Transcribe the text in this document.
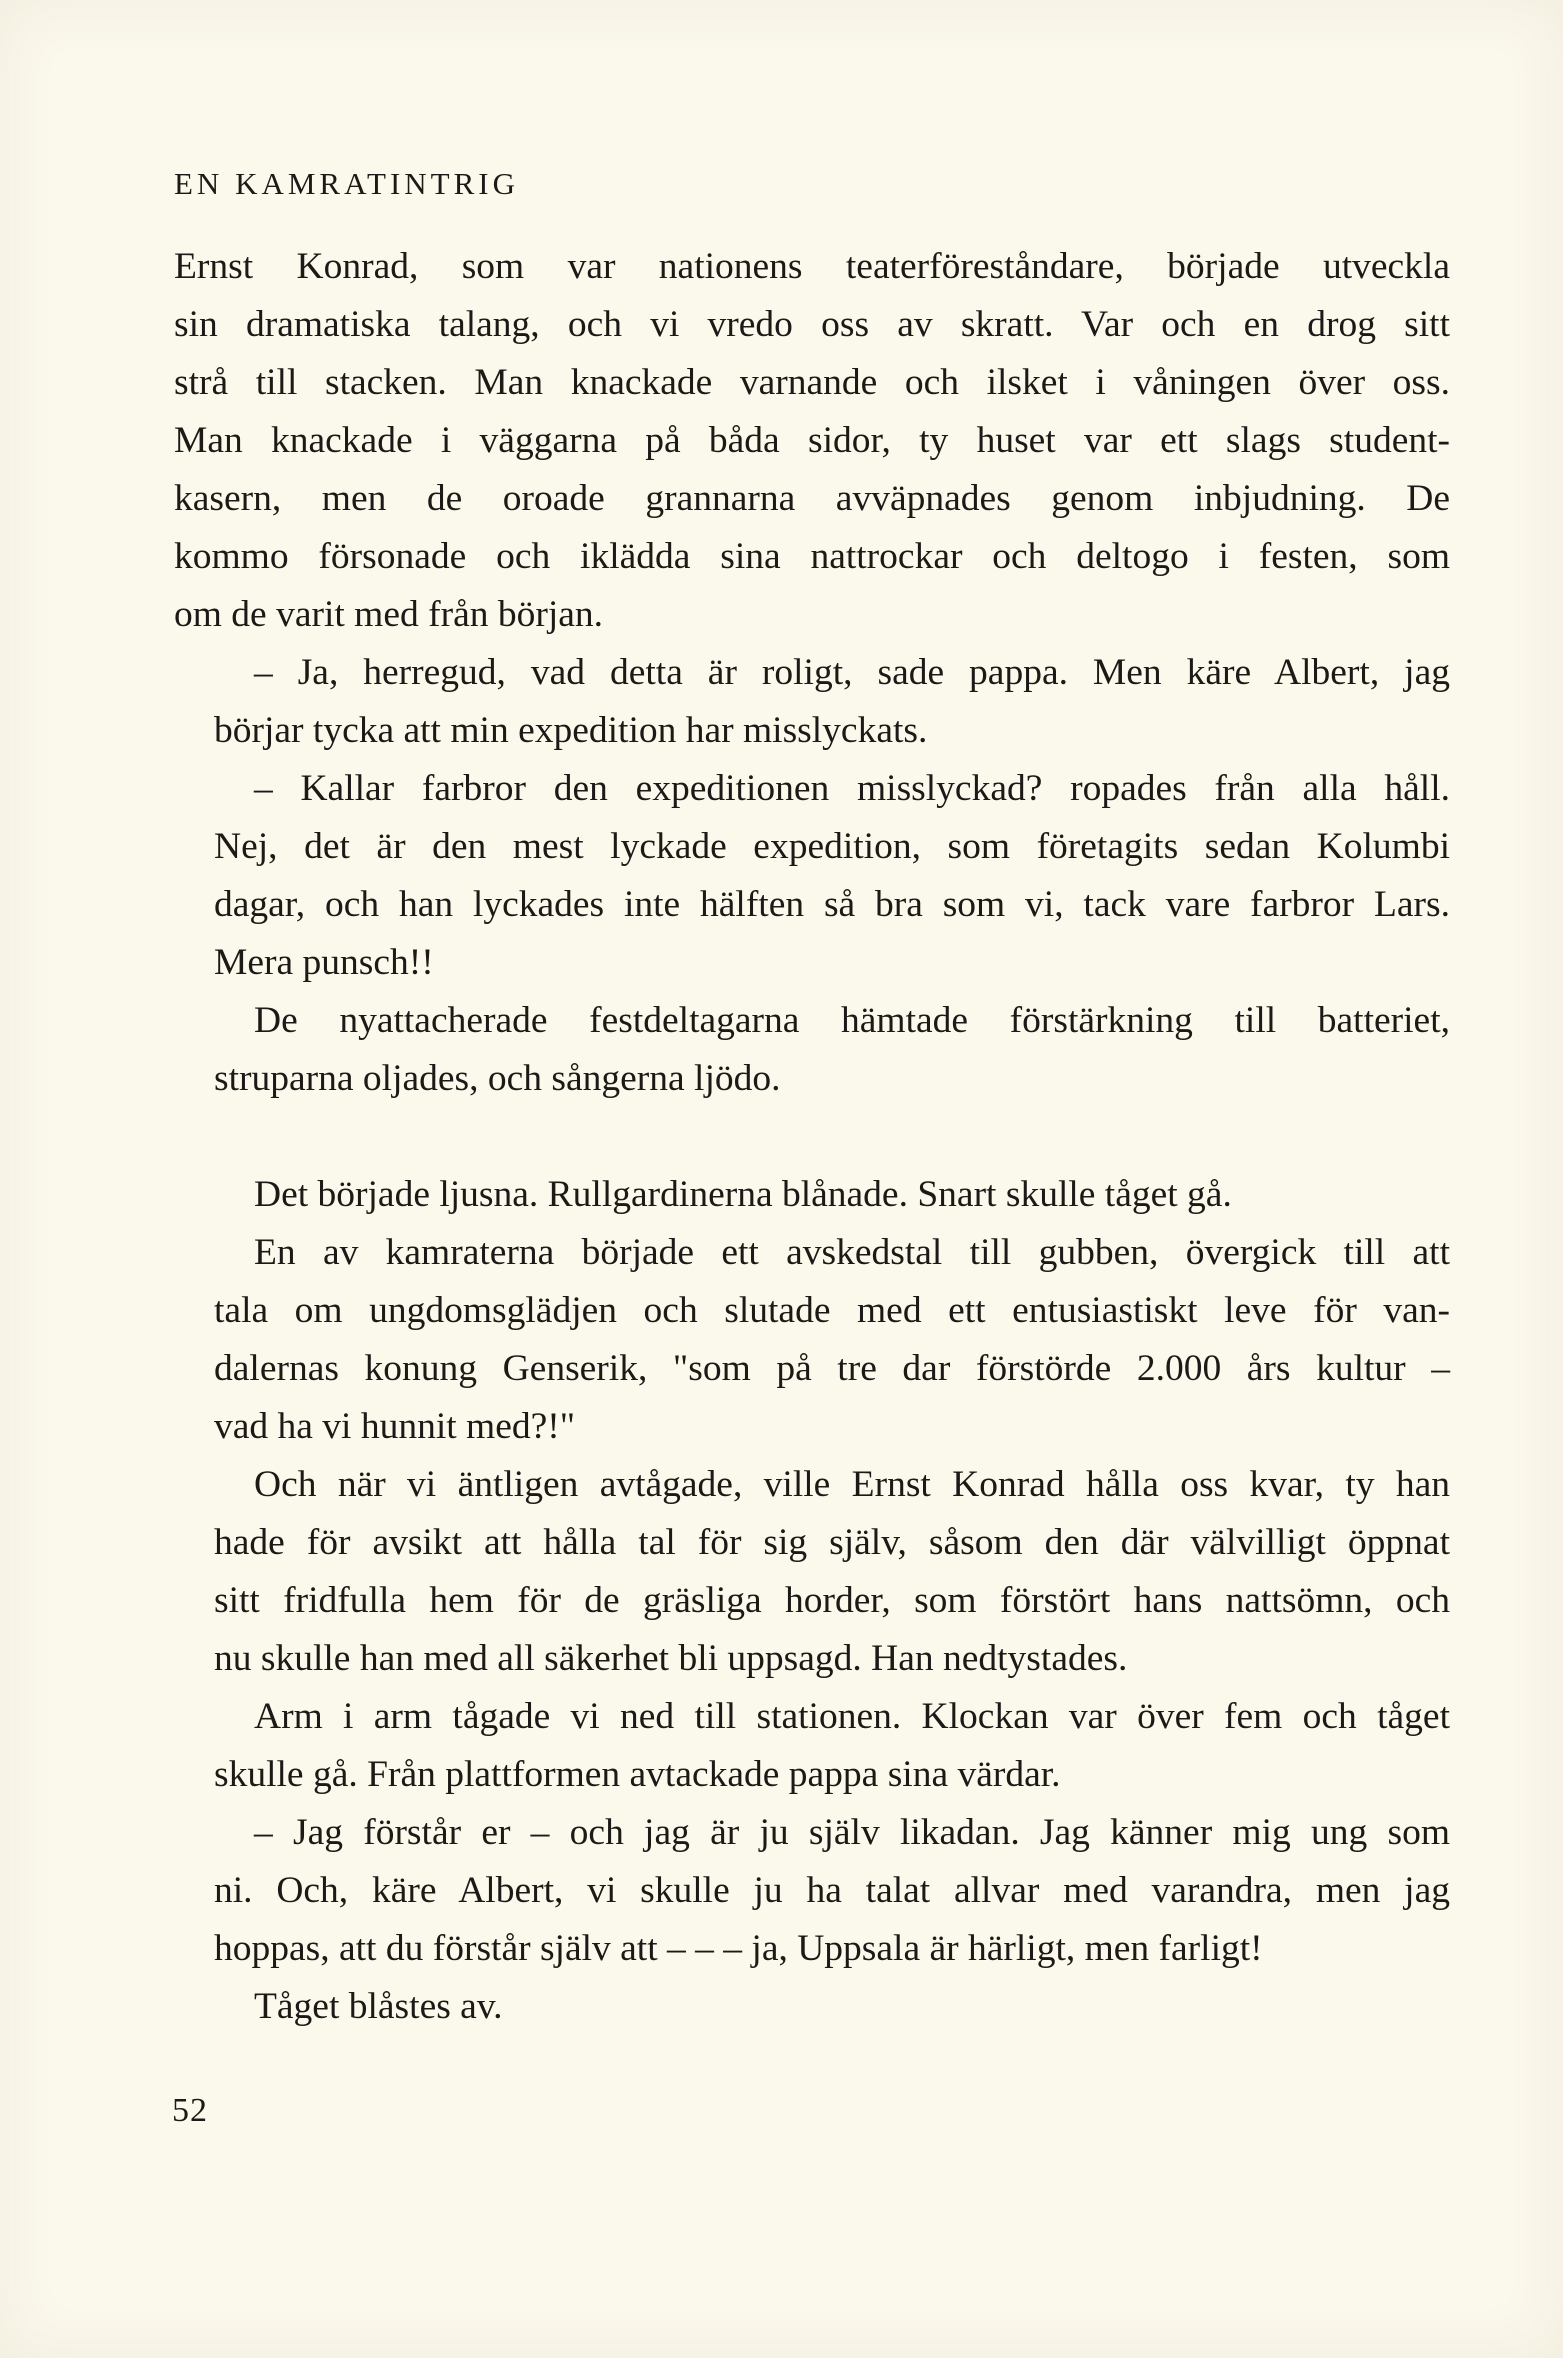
EN KAMRATINTRIG

Ernst Konrad, som var nationens teaterföreståndare, började utveckla
sin dramatiska talang, och vi vredo oss av skratt. Var och en drog sitt
strå till stacken. Man knackade varnande och ilsket i våningen över oss.
Man knackade i väggarna på båda sidor, ty huset var ett slags student-
kasern, men de oroade grannarna avväpnades genom inbjudning. De
kommo försonade och iklädda sina nattrockar och deltogo i festen, som
om de varit med från början.

– Ja, herregud, vad detta är roligt, sade pappa. Men käre Albert, jag
börjar tycka att min expedition har misslyckats.

– Kallar farbror den expeditionen misslyckad? ropades från alla håll.
Nej, det är den mest lyckade expedition, som företagits sedan Kolumbi
dagar, och han lyckades inte hälften så bra som vi, tack vare farbror Lars.
Mera punsch!!

De nyattacherade festdeltagarna hämtade förstärkning till batteriet,
struparna oljades, och sångerna ljödo.

Det började ljusna. Rullgardinerna blånade. Snart skulle tåget gå.

En av kamraterna började ett avskedstal till gubben, övergick till att
tala om ungdomsglädjen och slutade med ett entusiastiskt leve för van-
dalernas konung Genserik, "som på tre dar förstörde 2.000 års kultur –
vad ha vi hunnit med?!"

Och när vi äntligen avtågade, ville Ernst Konrad hålla oss kvar, ty han
hade för avsikt att hålla tal för sig själv, såsom den där välvilligt öppnat
sitt fridfulla hem för de gräsliga horder, som förstört hans nattsömn, och
nu skulle han med all säkerhet bli uppsagd. Han nedtystades.

Arm i arm tågade vi ned till stationen. Klockan var över fem och tåget
skulle gå. Från plattformen avtackade pappa sina värdar.

– Jag förstår er – och jag är ju själv likadan. Jag känner mig ung som
ni. Och, käre Albert, vi skulle ju ha talat allvar med varandra, men jag
hoppas, att du förstår själv att – – – ja, Uppsala är härligt, men farligt!

Tåget blåstes av.

52
